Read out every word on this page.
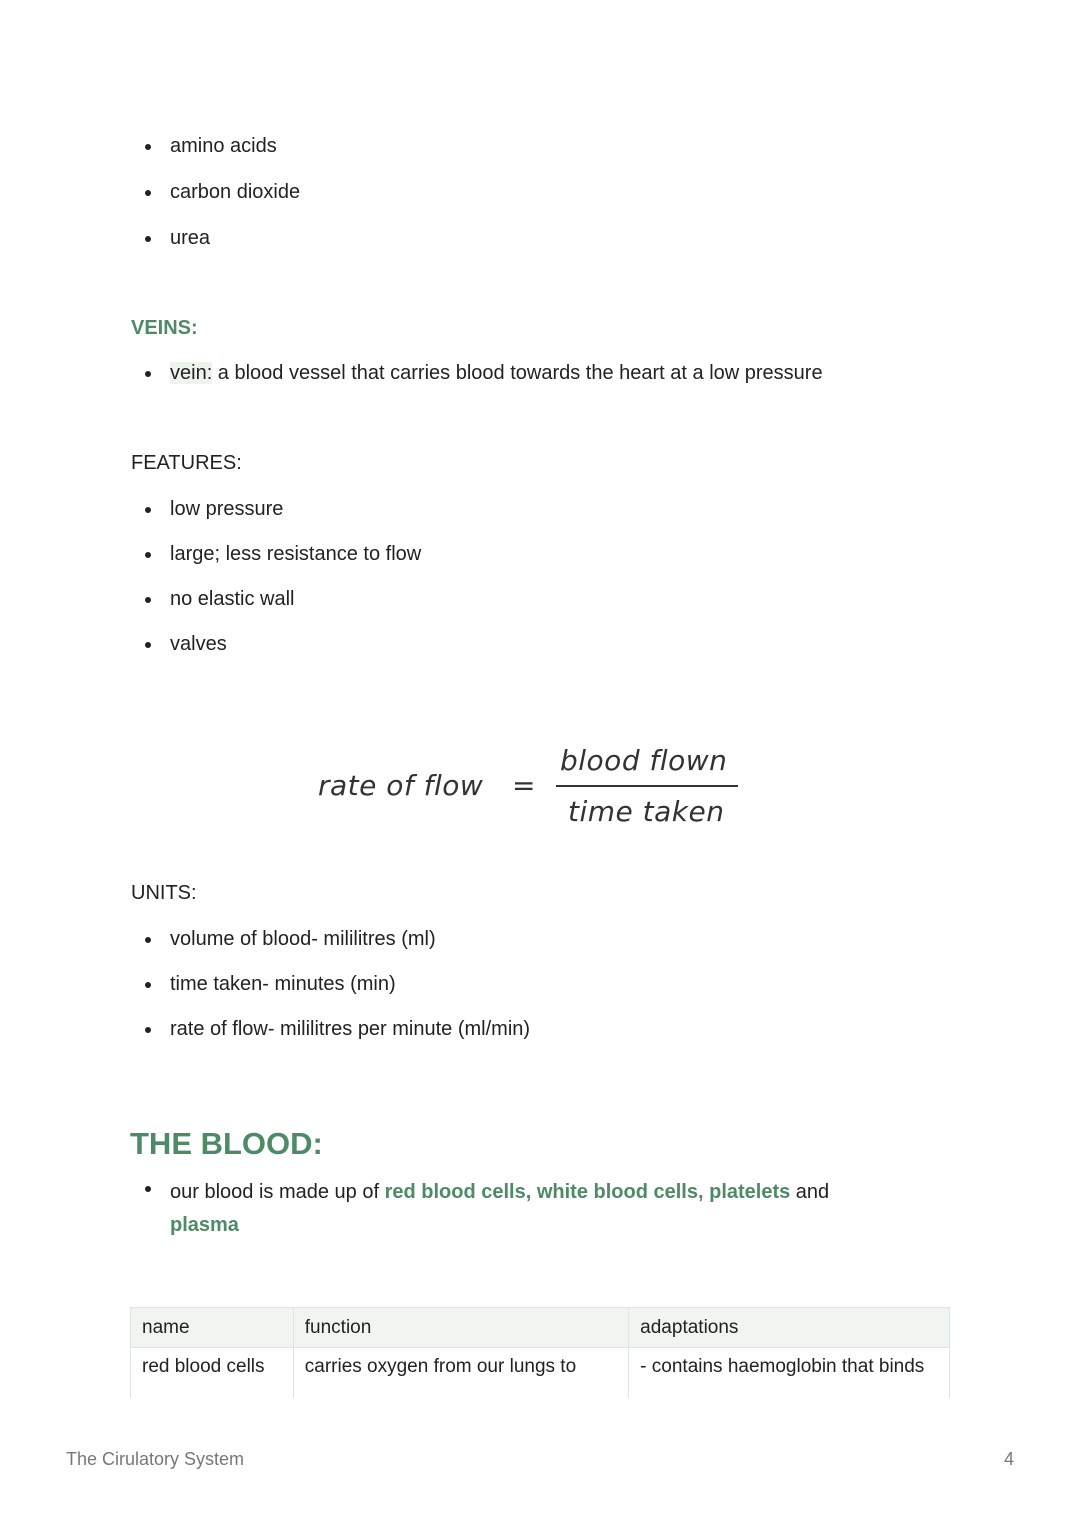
amino acids
carbon dioxide
urea
VEINS:
vein: a blood vessel that carries blood towards the heart at a low pressure
FEATURES:
low pressure
large; less resistance to flow
no elastic wall
valves
rate of flow =
blood flown
time taken
UNITS:
volume of blood- mililitres (ml)
time taken- minutes (min)
rate of flow- mililitres per minute (ml/min)
THE BLOOD:
our blood is made up of red blood cells, white blood cells, platelets and
plasma
name	function	adaptations
red blood cells	carries oxygen from our lungs to	- contains haemoglobin that binds
The Cirulatory System	4
